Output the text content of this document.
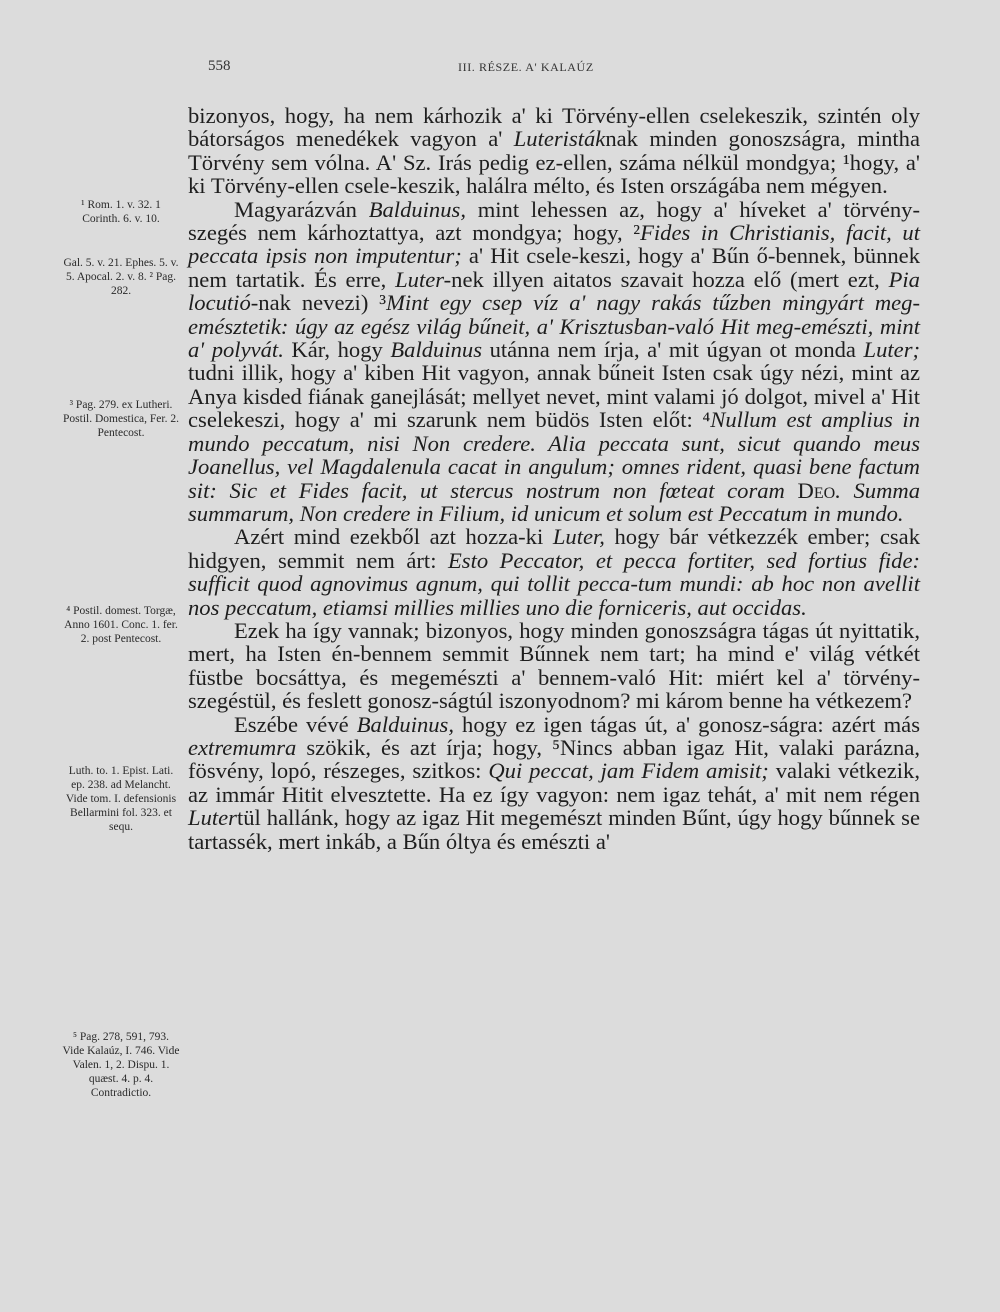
558	III. RÉSZE. A' KALAÚZ
¹ Rom. 1. v. 32. 1 Corinth. 6. v. 10.
Gal. 5. v. 21. Ephes. 5. v. 5. Apocal. 2. v. 8. ² Pag. 282.
³ Pag. 279. ex Lutheri. Postil. Domestica, Fer. 2. Pentecost.
⁴ Postil. domest. Torgæ, Anno 1601. Conc. 1. fer. 2. post Pentecost.
Luth. to. 1. Epist. Lati. ep. 238. ad Melancht. Vide tom. I. defensionis Bellarmini fol. 323. et sequ.
⁵ Pag. 278, 591, 793. Vide Kalaúz, I. 746. Vide Valen. 1, 2. Dispu. 1. quæst. 4. p. 4. Contradictio.

bizonyos, hogy, ha nem kárhozik a' ki Törvény-ellen cselekeszik, szintén oly bátorságos menedékek vagyon a' Luteristáknak minden gonoszságra, mintha Törvény sem vólna. A' Sz. Irás pedig ez-ellen, száma nélkül mondgya; ¹hogy, a' ki Törvény-ellen csele-keszik, halálra mélto, és Isten országába nem mégyen.

Magyarázván Balduinus, mint lehessen az, hogy a' híveket a' törvény-szegés nem kárhoztattya, azt mondgya; hogy, ²Fides in Christianis, facit, ut peccata ipsis non imputentur; a' Hit csele-keszi, hogy a' Bűn ő-bennek, bünnek nem tartatik. És erre, Luter-nek illyen aitatos szavait hozza elő (mert ezt, Pia locutió-nak nevezi) ³Mint egy csep víz a' nagy rakás tűzben mingyárt meg-emésztetik: úgy az egész világ bűneit, a' Krisztusban-való Hit meg-emészti, mint a' polyvát. Kár, hogy Balduinus utánna nem írja, a' mit úgyan ot monda Luter; tudni illik, hogy a' kiben Hit vagyon, annak bűneit Isten csak úgy nézi, mint az Anya kisded fiának ganejlását; mellyet nevet, mint valami jó dolgot, mivel a' Hit cselekeszi, hogy a' mi szarunk nem büdös Isten előt: ⁴Nullum est amplius in mundo peccatum, nisi Non credere. Alia peccata sunt, sicut quando meus Joanellus, vel Magdalenula cacat in angulum; omnes rident, quasi bene factum sit: Sic et Fides facit, ut stercus nostrum non fœteat coram Deo. Summa summarum, Non credere in Filium, id unicum et solum est Peccatum in mundo.

Azért mind ezekből azt hozza-ki Luter, hogy bár vétkezzék ember; csak hidgyen, semmit nem árt: Esto Peccator, et pecca fortiter, sed fortius fide: sufficit quod agnovimus agnum, qui tollit pecca-tum mundi: ab hoc non avellit nos peccatum, etiamsi millies millies uno die forniceris, aut occidas.

Ezek ha így vannak; bizonyos, hogy minden gonoszságra tágas út nyittatik, mert, ha Isten én-bennem semmit Bűnnek nem tart; ha mind e' világ vétkét füstbe bocsáttya, és megemészti a' bennem-való Hit: miért kel a' törvény-szegéstül, és feslett gonosz-ságtúl iszonyodnom? mi károm benne ha vétkezem?

Eszébe vévé Balduinus, hogy ez igen tágas út, a' gonosz-ságra: azért más extremumra szökik, és azt írja; hogy, ⁵Nincs abban igaz Hit, valaki parázna, fösvény, lopó, részeges, szitkos: Qui peccat, jam Fidem amisit; valaki vétkezik, az immár Hitit elvesztette. Ha ez így vagyon: nem igaz tehát, a' mit nem régen Lutertül hallánk, hogy az igaz Hit megemészt minden Bűnt, úgy hogy bűnnek se tartassék, mert inkáb, a Bűn óltya és emészti a'
